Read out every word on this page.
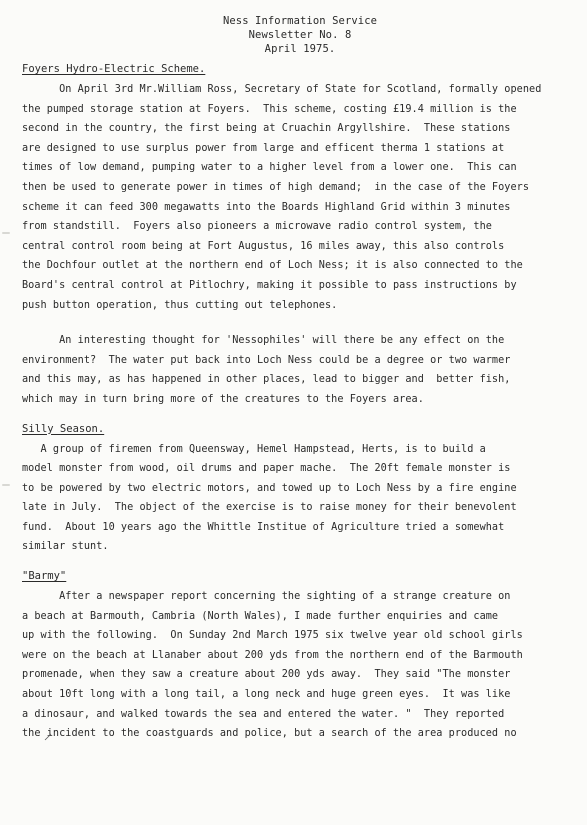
Ness Information Service
Newsletter No. 8
April 1975.
Foyers Hydro-Electric Scheme.
On April 3rd Mr.William Ross, Secretary of State for Scotland, formally opened
the pumped storage station at Foyers.  This scheme, costing £19.4 million is the
second in the country, the first being at Cruachin Argyllshire.  These stations
are designed to use surplus power from large and efficent therma 1 stations at
times of low demand, pumping water to a higher level from a lower one.  This can
then be used to generate power in times of high demand;  in the case of the Foyers
scheme it can feed 300 megawatts into the Boards Highland Grid within 3 minutes
from standstill.  Foyers also pioneers a microwave radio control system, the
central control room being at Fort Augustus, 16 miles away, this also controls
the Dochfour outlet at the northern end of Loch Ness; it is also connected to the
Board's central control at Pitlochry, making it possible to pass instructions by
push button operation, thus cutting out telephones.
An interesting thought for 'Nessophiles' will there be any effect on the
environment?  The water put back into Loch Ness could be a degree or two warmer
and this may, as has happened in other places, lead to bigger and  better fish,
which may in turn bring more of the creatures to the Foyers area.
Silly Season.
A group of firemen from Queensway, Hemel Hampstead, Herts, is to build a
model monster from wood, oil drums and paper mache.  The 20ft female monster is
to be powered by two electric motors, and towed up to Loch Ness by a fire engine
late in July.  The object of the exercise is to raise money for their benevolent
fund.  About 10 years ago the Whittle Institue of Agriculture tried a somewhat
similar stunt.
"Barmy"
After a newspaper report concerning the sighting of a strange creature on
a beach at Barmouth, Cambria (North Wales), I made further enquiries and came
up with the following.  On Sunday 2nd March 1975 six twelve year old school girls
were on the beach at Llanaber about 200 yds from the northern end of the Barmouth
promenade, when they saw a creature about 200 yds away.  They said "The monster
about 10ft long with a long tail, a long neck and huge green eyes.  It was like
a dinosaur, and walked towards the sea and entered the water. "  They reported
the incident to the coastguards and police, but a search of the area produced no
